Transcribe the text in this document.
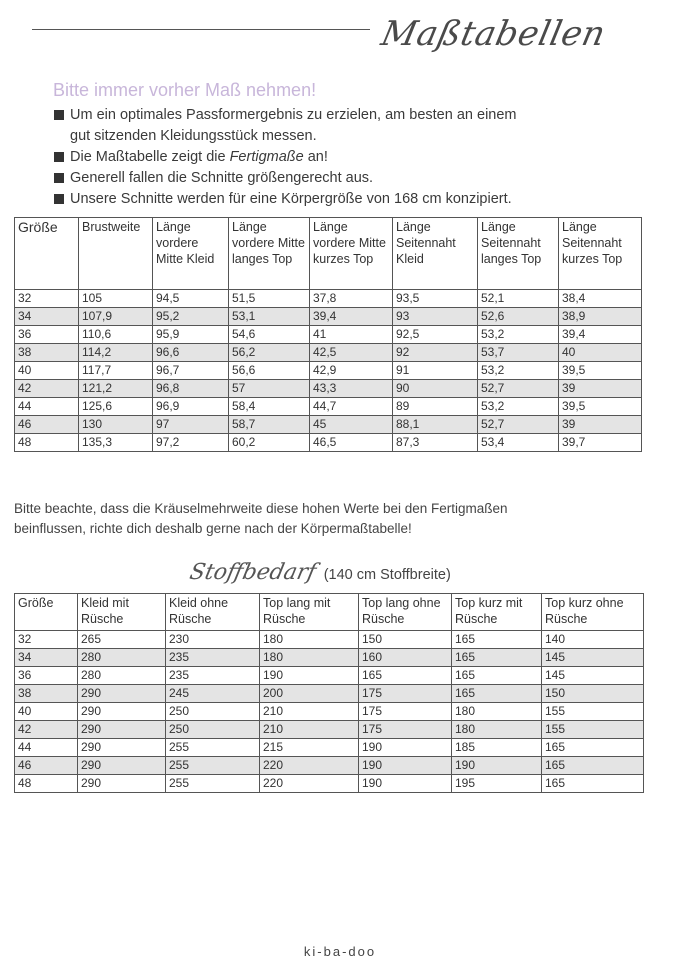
Maßtabellen
Bitte immer vorher Maß nehmen!
Um ein optimales Passformergebnis zu erzielen, am besten an einem
gut sitzenden Kleidungsstück messen.
Die Maßtabelle zeigt die Fertigmaße an!
Generell fallen die Schnitte größengerecht aus.
Unsere Schnitte werden für eine Körpergröße von 168 cm konzipiert.
Größe	Brustweite	Länge vordere Mitte Kleid	Länge vordere Mitte langes Top	Länge vordere Mitte kurzes Top	Länge Seitennaht Kleid	Länge Seitennaht langes Top	Länge Seitennaht kurzes Top
32	105	94,5	51,5	37,8	93,5	52,1	38,4
34	107,9	95,2	53,1	39,4	93	52,6	38,9
36	110,6	95,9	54,6	41	92,5	53,2	39,4
38	114,2	96,6	56,2	42,5	92	53,7	40
40	117,7	96,7	56,6	42,9	91	53,2	39,5
42	121,2	96,8	57	43,3	90	52,7	39
44	125,6	96,9	58,4	44,7	89	53,2	39,5
46	130	97	58,7	45	88,1	52,7	39
48	135,3	97,2	60,2	46,5	87,3	53,4	39,7
Bitte beachte, dass die Kräuselmehrweite diese hohen Werte bei den Fertigmaßen
beinflussen, richte dich deshalb gerne nach der Körpermaßtabelle!
Stoffbedarf (140 cm Stoffbreite)
Größe	Kleid mit Rüsche	Kleid ohne Rüsche	Top lang mit Rüsche	Top lang ohne Rüsche	Top kurz mit Rüsche	Top kurz ohne Rüsche
32	265	230	180	150	165	140
34	280	235	180	160	165	145
36	280	235	190	165	165	145
38	290	245	200	175	165	150
40	290	250	210	175	180	155
42	290	250	210	175	180	155
44	290	255	215	190	185	165
46	290	255	220	190	190	165
48	290	255	220	190	195	165
ki-ba-doo
